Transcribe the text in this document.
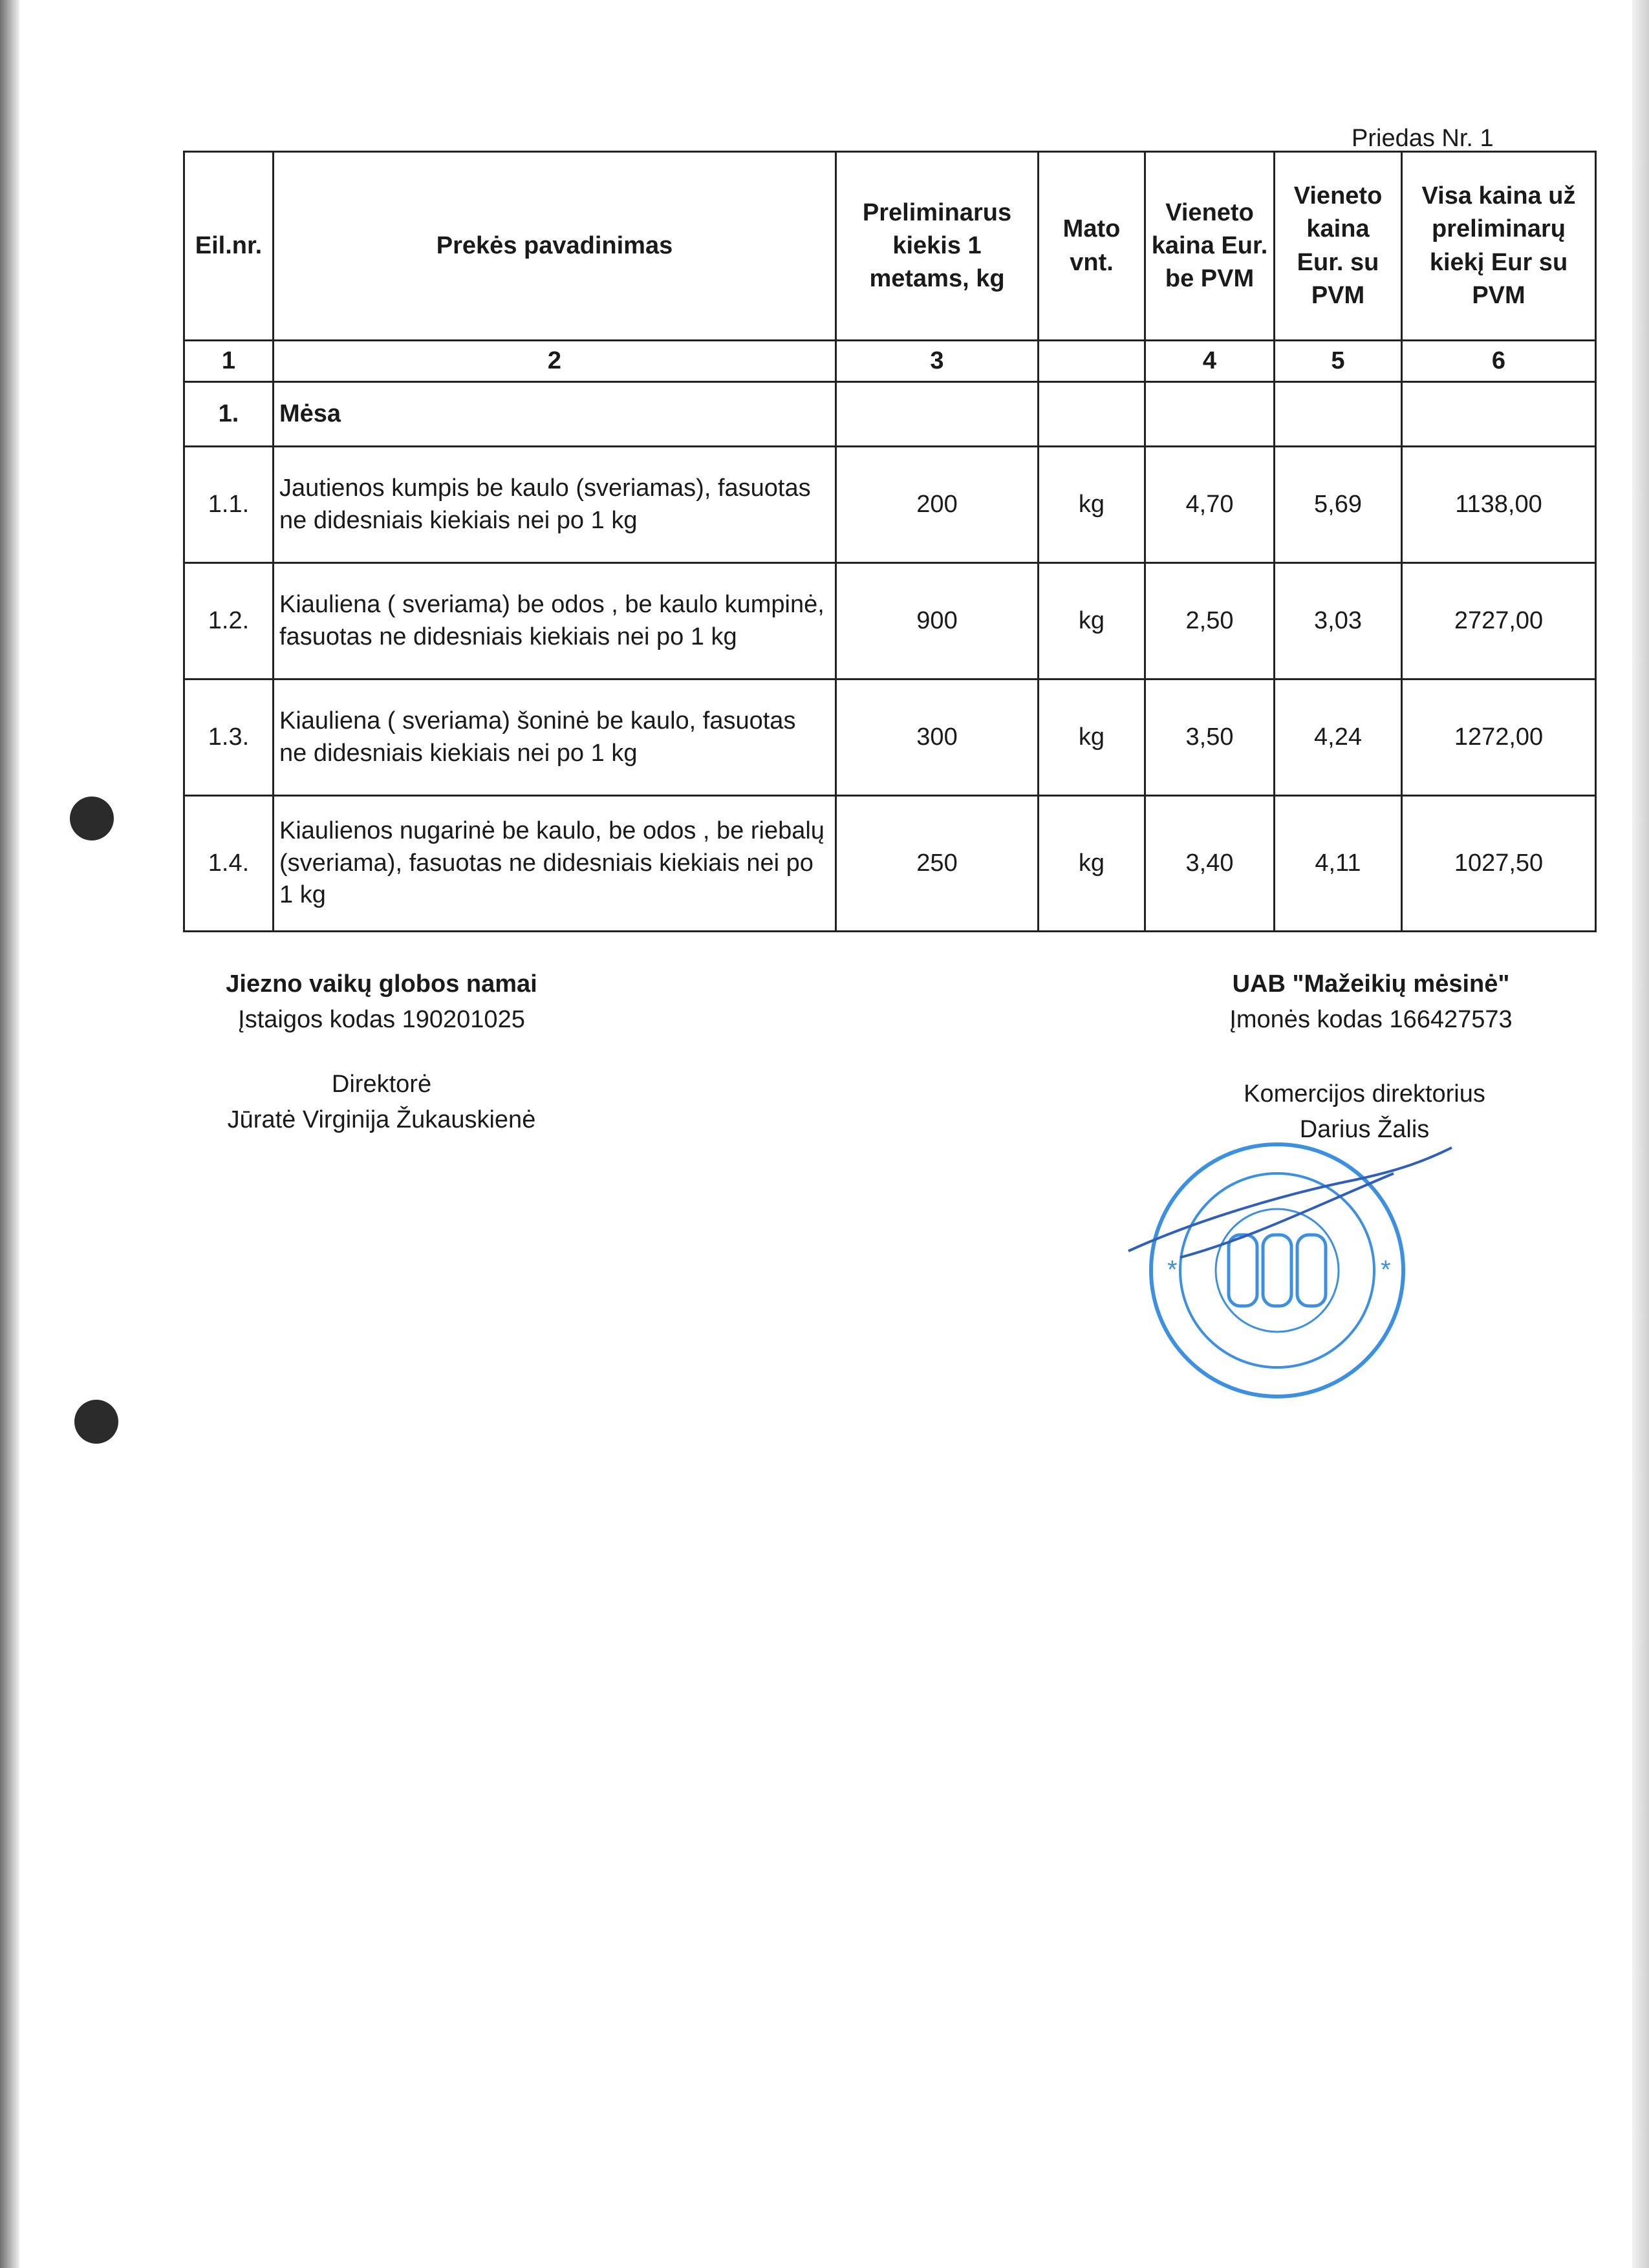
Priedas Nr. 1
Eil.nr.	Prekės pavadinimas	Preliminarus kiekis 1 metams, kg	Mato vnt.	Vieneto kaina Eur. be PVM	Vieneto kaina Eur. su PVM	Visa kaina už preliminarų kiekį Eur su PVM
1	2	3		4	5	6
1.	Mėsa					
1.1.	Jautienos kumpis be kaulo (sveriamas), fasuotas ne didesniais kiekiais nei po 1 kg	200	kg	4,70	5,69	1138,00
1.2.	Kiauliena ( sveriama) be odos , be kaulo kumpinė, fasuotas ne didesniais kiekiais nei po 1 kg	900	kg	2,50	3,03	2727,00
1.3.	Kiauliena ( sveriama) šoninė be kaulo, fasuotas ne didesniais kiekiais nei po 1 kg	300	kg	3,50	4,24	1272,00
1.4.	Kiaulienos nugarinė be kaulo, be odos , be riebalų (sveriama), fasuotas ne didesniais kiekiais nei po 1 kg	250	kg	3,40	4,11	1027,50
Jiezno vaikų globos namai
Įstaigos kodas 190201025
Direktorė
Jūratė Virginija Žukauskienė
UAB "Mažeikių mėsinė"
Įmonės kodas 166427573
Komercijos direktorius
Darius Žalis
*	*
